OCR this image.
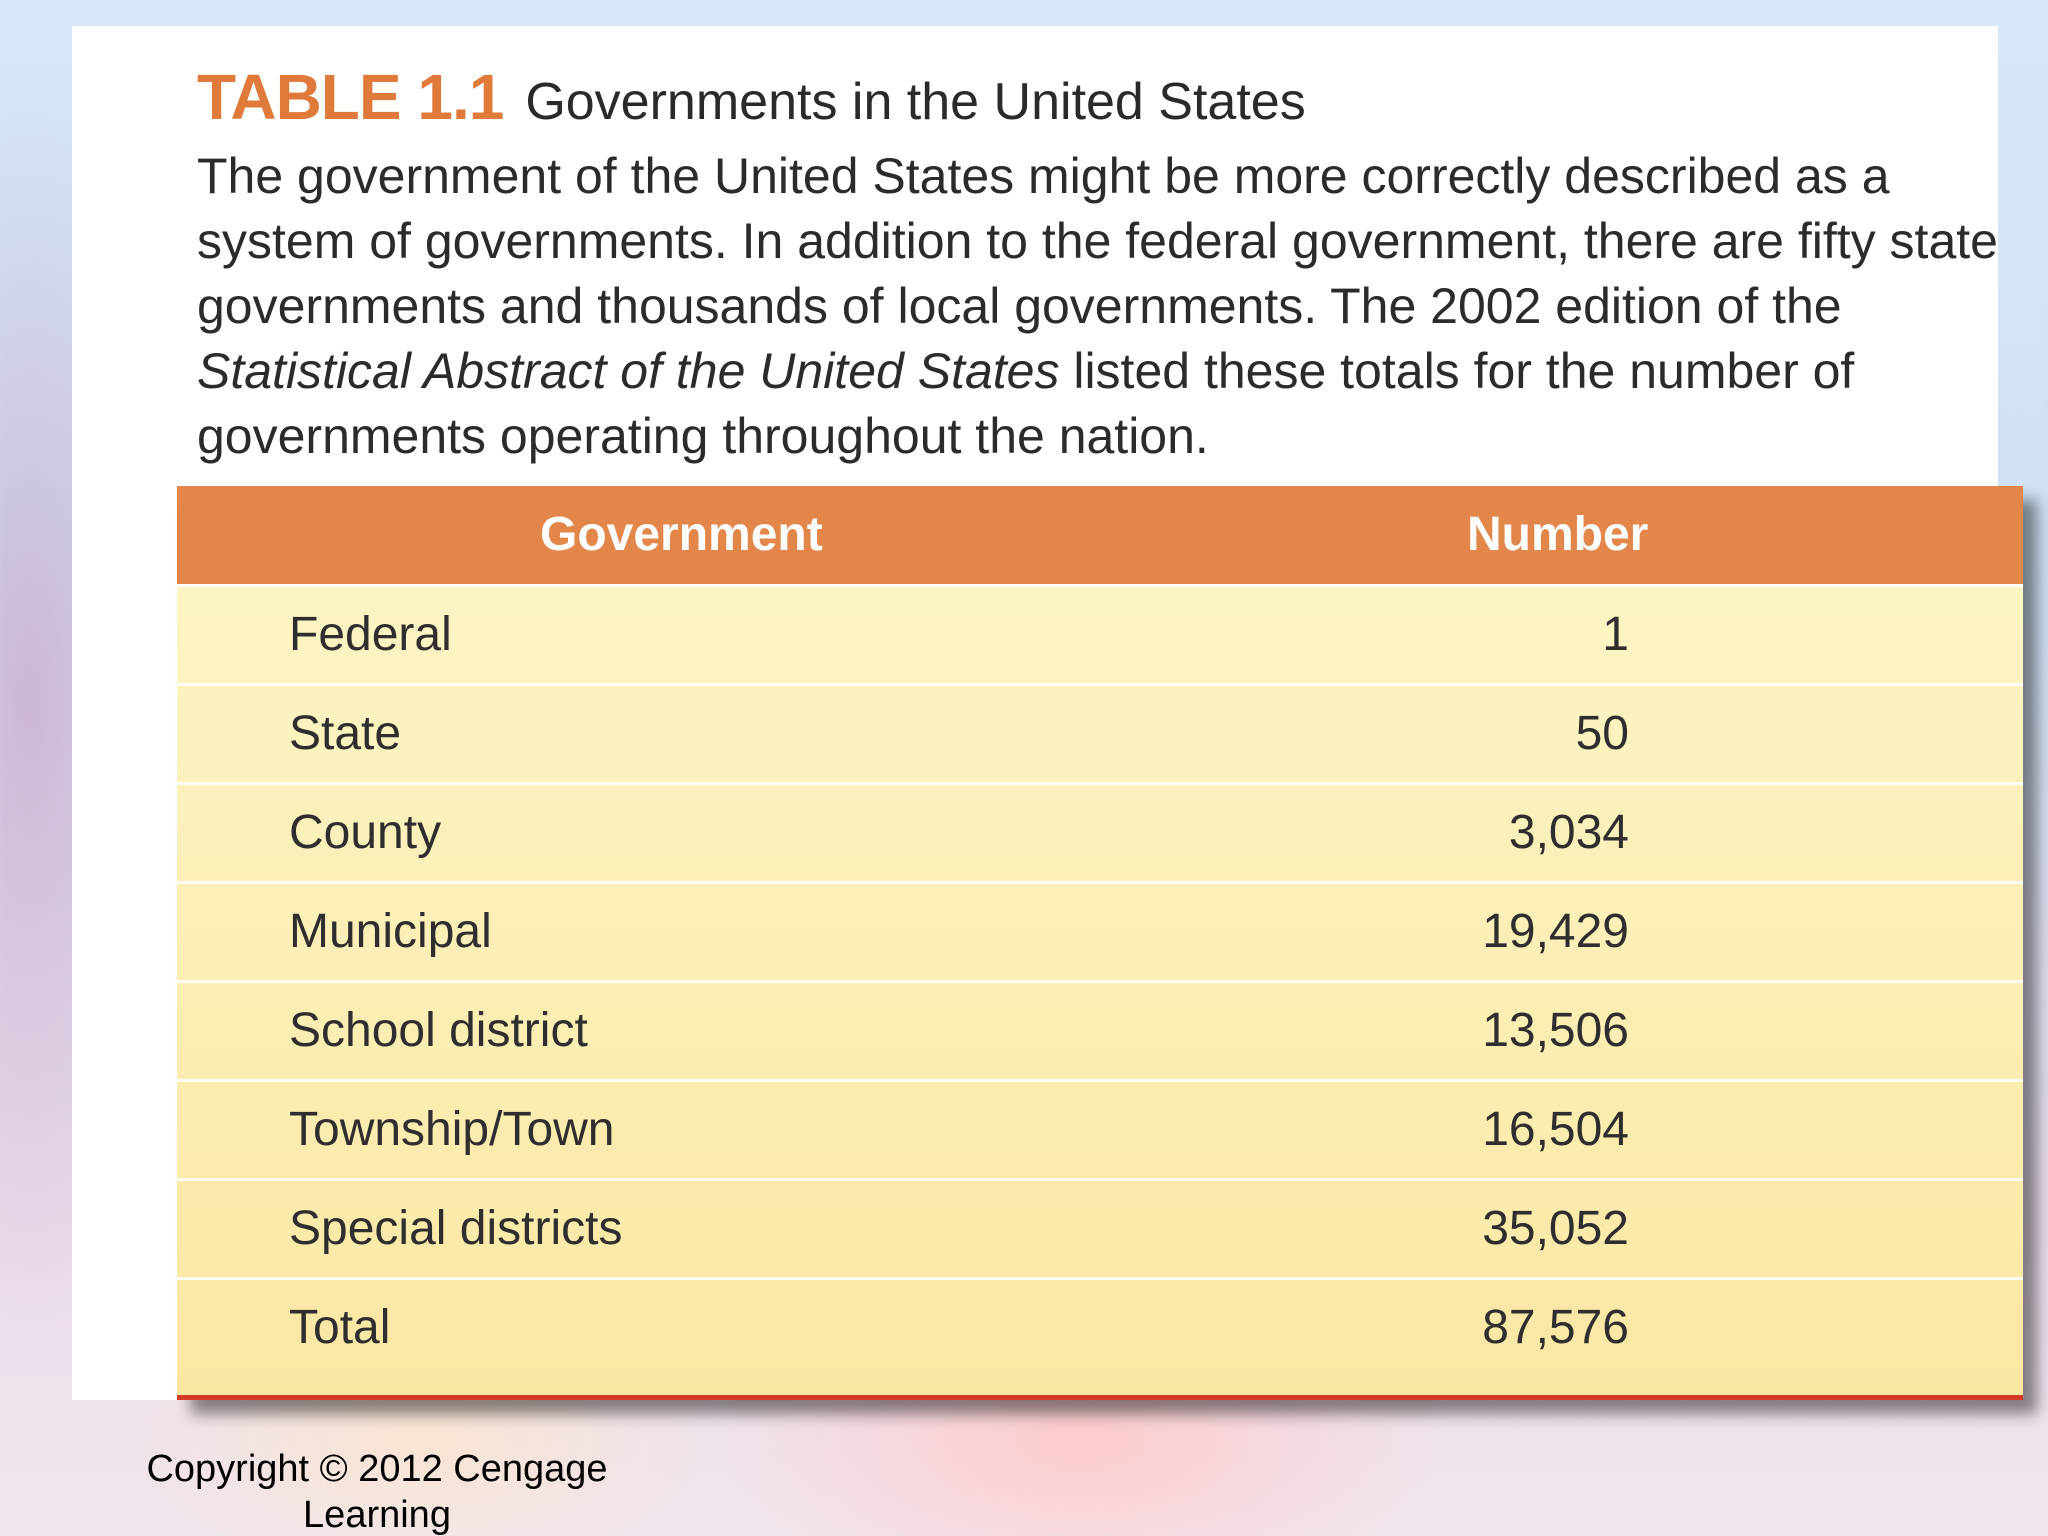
TABLE 1.1 Governments in the United States
The government of the United States might be more correctly described as a system of governments. In addition to the federal government, there are fifty state governments and thousands of local governments. The 2002 edition of the Statistical Abstract of the United States listed these totals for the number of governments operating throughout the nation.
Government	Number
Federal	1
State	50
County	3,034
Municipal	19,429
School district	13,506
Township/Town	16,504
Special districts	35,052
Total	87,576
Copyright © 2012 Cengage Learning
